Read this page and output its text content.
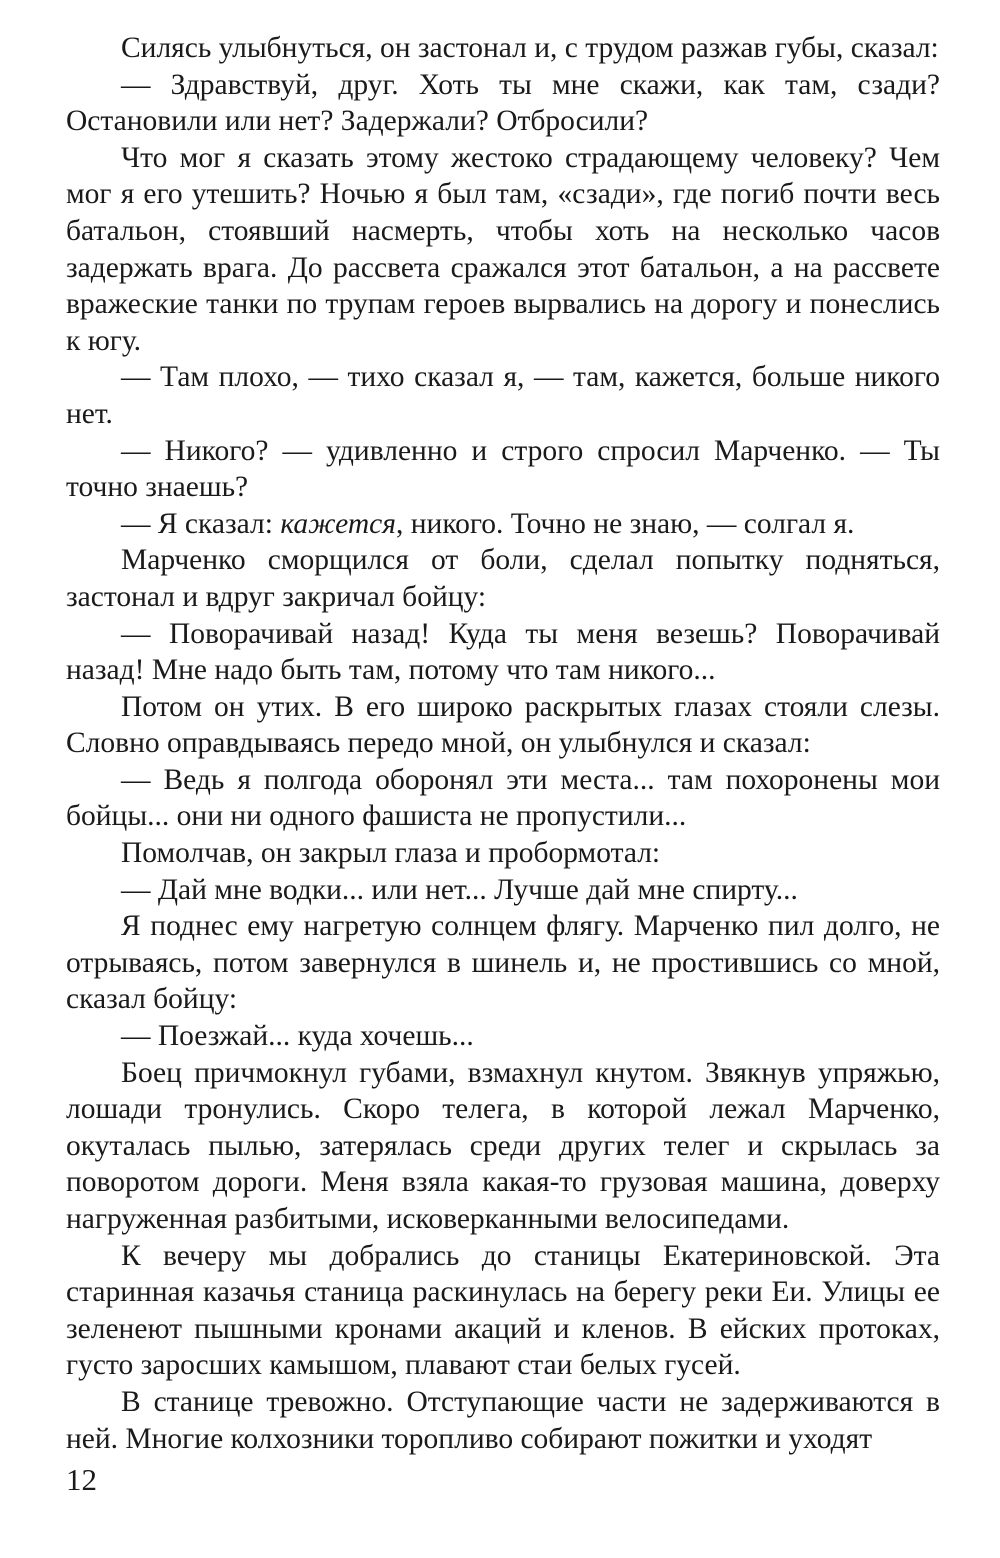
Силясь улыбнуться, он застонал и, с трудом разжав губы, сказал:

— Здравствуй, друг. Хоть ты мне скажи, как там, сзади? Остановили или нет? Задержали? Отбросили?

Что мог я сказать этому жестоко страдающему человеку? Чем мог я его утешить? Ночью я был там, «сзади», где погиб почти весь батальон, стоявший насмерть, чтобы хоть на несколько часов задержать врага. До рассвета сражался этот батальон, а на рассвете вражеские танки по трупам героев вырвались на дорогу и понеслись к югу.

— Там плохо, — тихо сказал я, — там, кажется, больше никого нет.

— Никого? — удивленно и строго спросил Марченко. — Ты точно знаешь?

— Я сказал: кажется, никого. Точно не знаю, — солгал я.

Марченко сморщился от боли, сделал попытку подняться, застонал и вдруг закричал бойцу:

— Поворачивай назад! Куда ты меня везешь? Поворачивай назад! Мне надо быть там, потому что там никого...

Потом он утих. В его широко раскрытых глазах стояли слезы. Словно оправдываясь передо мной, он улыбнулся и сказал:

— Ведь я полгода оборонял эти места... там похоронены мои бойцы... они ни одного фашиста не пропустили...

Помолчав, он закрыл глаза и пробормотал:

— Дай мне водки... или нет... Лучше дай мне спирту...

Я поднес ему нагретую солнцем флягу. Марченко пил долго, не отрываясь, потом завернулся в шинель и, не простившись со мной, сказал бойцу:

— Поезжай... куда хочешь...

Боец причмокнул губами, взмахнул кнутом. Звякнув упряжью, лошади тронулись. Скоро телега, в которой лежал Марченко, окуталась пылью, затерялась среди других телег и скрылась за поворотом дороги. Меня взяла какая-то грузовая машина, доверху нагруженная разбитыми, исковерканными велосипедами.

К вечеру мы добрались до станицы Екатериновской. Эта старинная казачья станица раскинулась на берегу реки Еи. Улицы ее зеленеют пышными кронами акаций и кленов. В ейских протоках, густо заросших камышом, плавают стаи белых гусей.

В станице тревожно. Отступающие части не задерживаются в ней. Многие колхозники торопливо собирают пожитки и уходят

12
